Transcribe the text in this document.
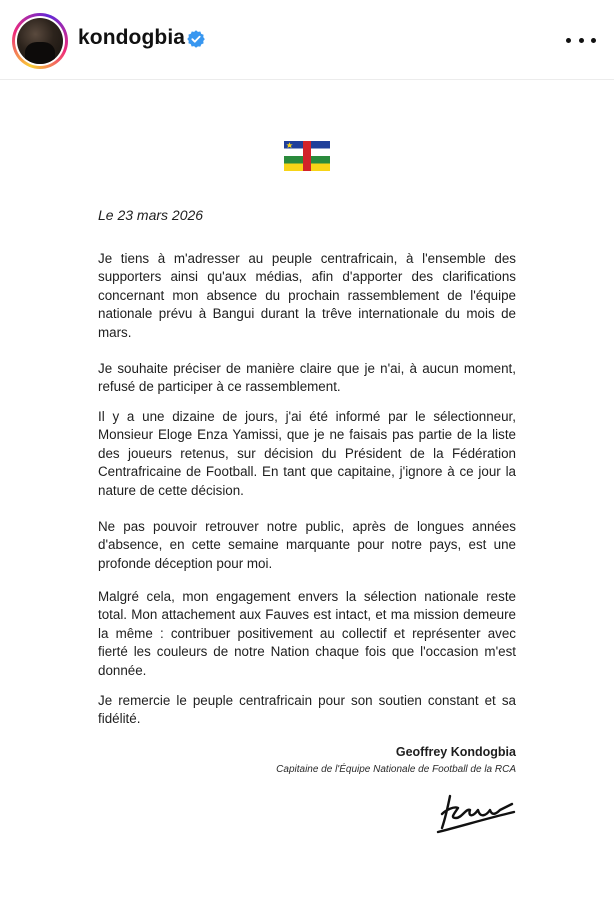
kondogbia
Le 23 mars 2026

Je tiens à m'adresser au peuple centrafricain, à l'ensemble des supporters ainsi qu'aux médias, afin d'apporter des clarifications concernant mon absence du prochain rassemblement de l'équipe nationale prévu à Bangui durant la trêve internationale du mois de mars.

Je souhaite préciser de manière claire que je n'ai, à aucun moment, refusé de participer à ce rassemblement.

Il y a une dizaine de jours, j'ai été informé par le sélectionneur, Monsieur Eloge Enza Yamissi, que je ne faisais pas partie de la liste des joueurs retenus, sur décision du Président de la Fédération Centrafricaine de Football. En tant que capitaine, j'ignore à ce jour la nature de cette décision.

Ne pas pouvoir retrouver notre public, après de longues années d'absence, en cette semaine marquante pour notre pays, est une profonde déception pour moi.

Malgré cela, mon engagement envers la sélection nationale reste total. Mon attachement aux Fauves est intact, et ma mission demeure la même : contribuer positivement au collectif et représenter avec fierté les couleurs de notre Nation chaque fois que l'occasion m'est donnée.

Je remercie le peuple centrafricain pour son soutien constant et sa fidélité.

Geoffrey Kondogbia
Capitaine de l'Équipe Nationale de Football de la RCA
